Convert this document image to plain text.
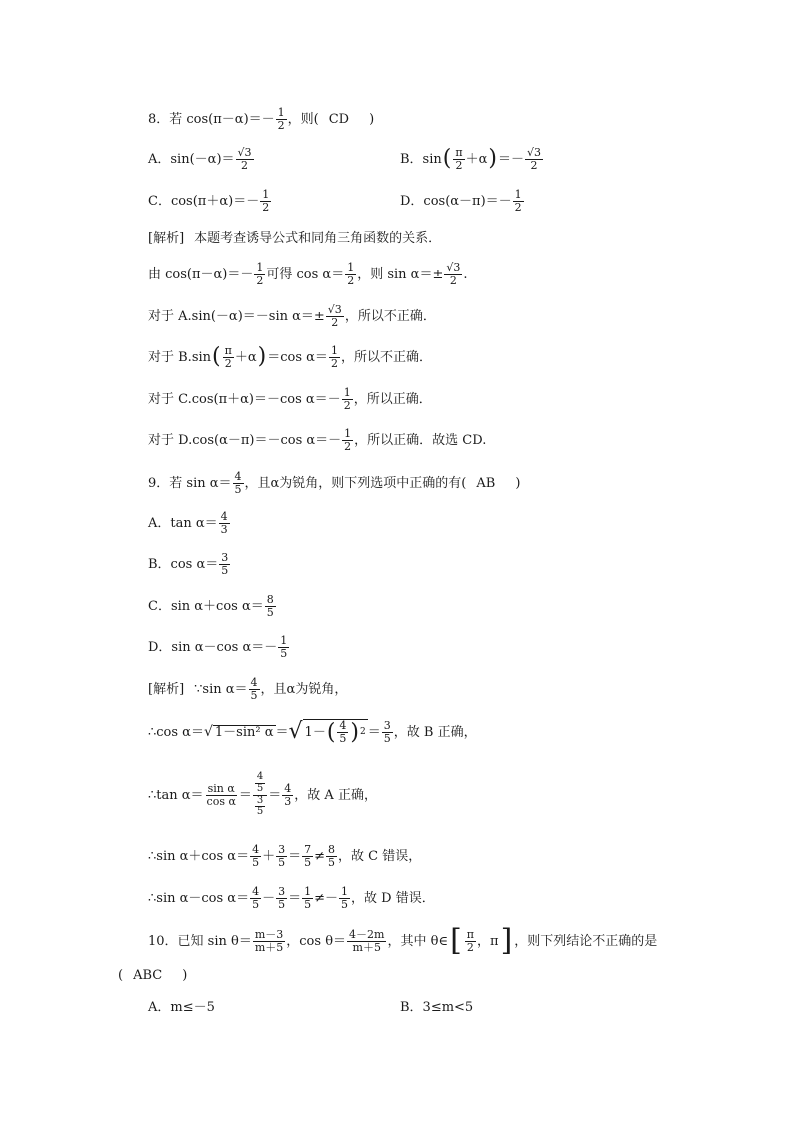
8．若 $\cos(\pi-\alpha)=- \frac{1}{2}$ ，则( CD )
A．$\sin(-\alpha)= \frac{√3}{2}$	B．sin ( $\frac{\pi}{2} +\alpha$ ) ＝－ $\frac{√3}{2}$
C．$\cos(\pi+\alpha)=- \frac{1}{2}$	D．$\cos(\alpha-\pi)=- \frac{1}{2}$
[解析] 本题考查诱导公式和同角三角函数的关系．
由 $\cos(\pi-\alpha)=- \frac{1}{2}$ 可得 $\cos \alpha= \frac{1}{2}$ ，则 $\sin \alpha=\pm \frac{√3}{2}$ .
对于 A.sin(－α)＝－sin $\alpha=\pm \frac{√3}{2}$ ，所以不正确．
对于 B.sin ( $\frac{\pi}{2} +\alpha$ ) ＝cos $\alpha= \frac{1}{2}$ ，所以不正确．
对于 C.cos(π＋α)＝－cos $\alpha=- \frac{1}{2}$ ，所以正确．
对于 D.cos(α－π)＝－cos $\alpha=- \frac{1}{2}$ ，所以正确．故选 CD.
9．若 $\sin \alpha= \frac{4}{5}$ ，且α为锐角，则下列选项中正确的有( AB )
A．$\tan \alpha= \frac{4}{3}$
B．$\cos \alpha= \frac{3}{5}$
C．sin α＋cos $\alpha= \frac{8}{5}$
D．sin α－cos $\alpha=- \frac{1}{5}$
[解析] ∵sin $\alpha= \frac{4}{5}$ ，且α为锐角，
∴cos α＝ √ 1－sin² α ＝ √ 1－ ( $\frac{4}{5}$ ) $2 = \frac{3}{5}$ ，故 B 正确，
∴tan $\alpha= \frac{\text{sin α}}{\text{cos α}} = 4$
5
3
$5 = \frac{4}{3}$ ，故 A 正确，
∴sin α＋cos $\alpha= \frac{4}{5} + \frac{3}{5} = \frac{7}{5} \ne \frac{8}{5}$ ，故 C 错误，
∴sin α－cos $\alpha= \frac{4}{5} - \frac{3}{5} = \frac{1}{5} \ne- \frac{1}{5}$ ，故 D 错误．
10．已知 $\sin \theta= \frac{m-3}{m+5}$ ，$\cos \theta= \frac{4-2m}{m+5}$ ，其中 θ∈ [ $\frac{\pi}{2}$ ，π ] ，则下列结论不正确的是
( ABC )
A．m≤－5	B．3≤m<5
